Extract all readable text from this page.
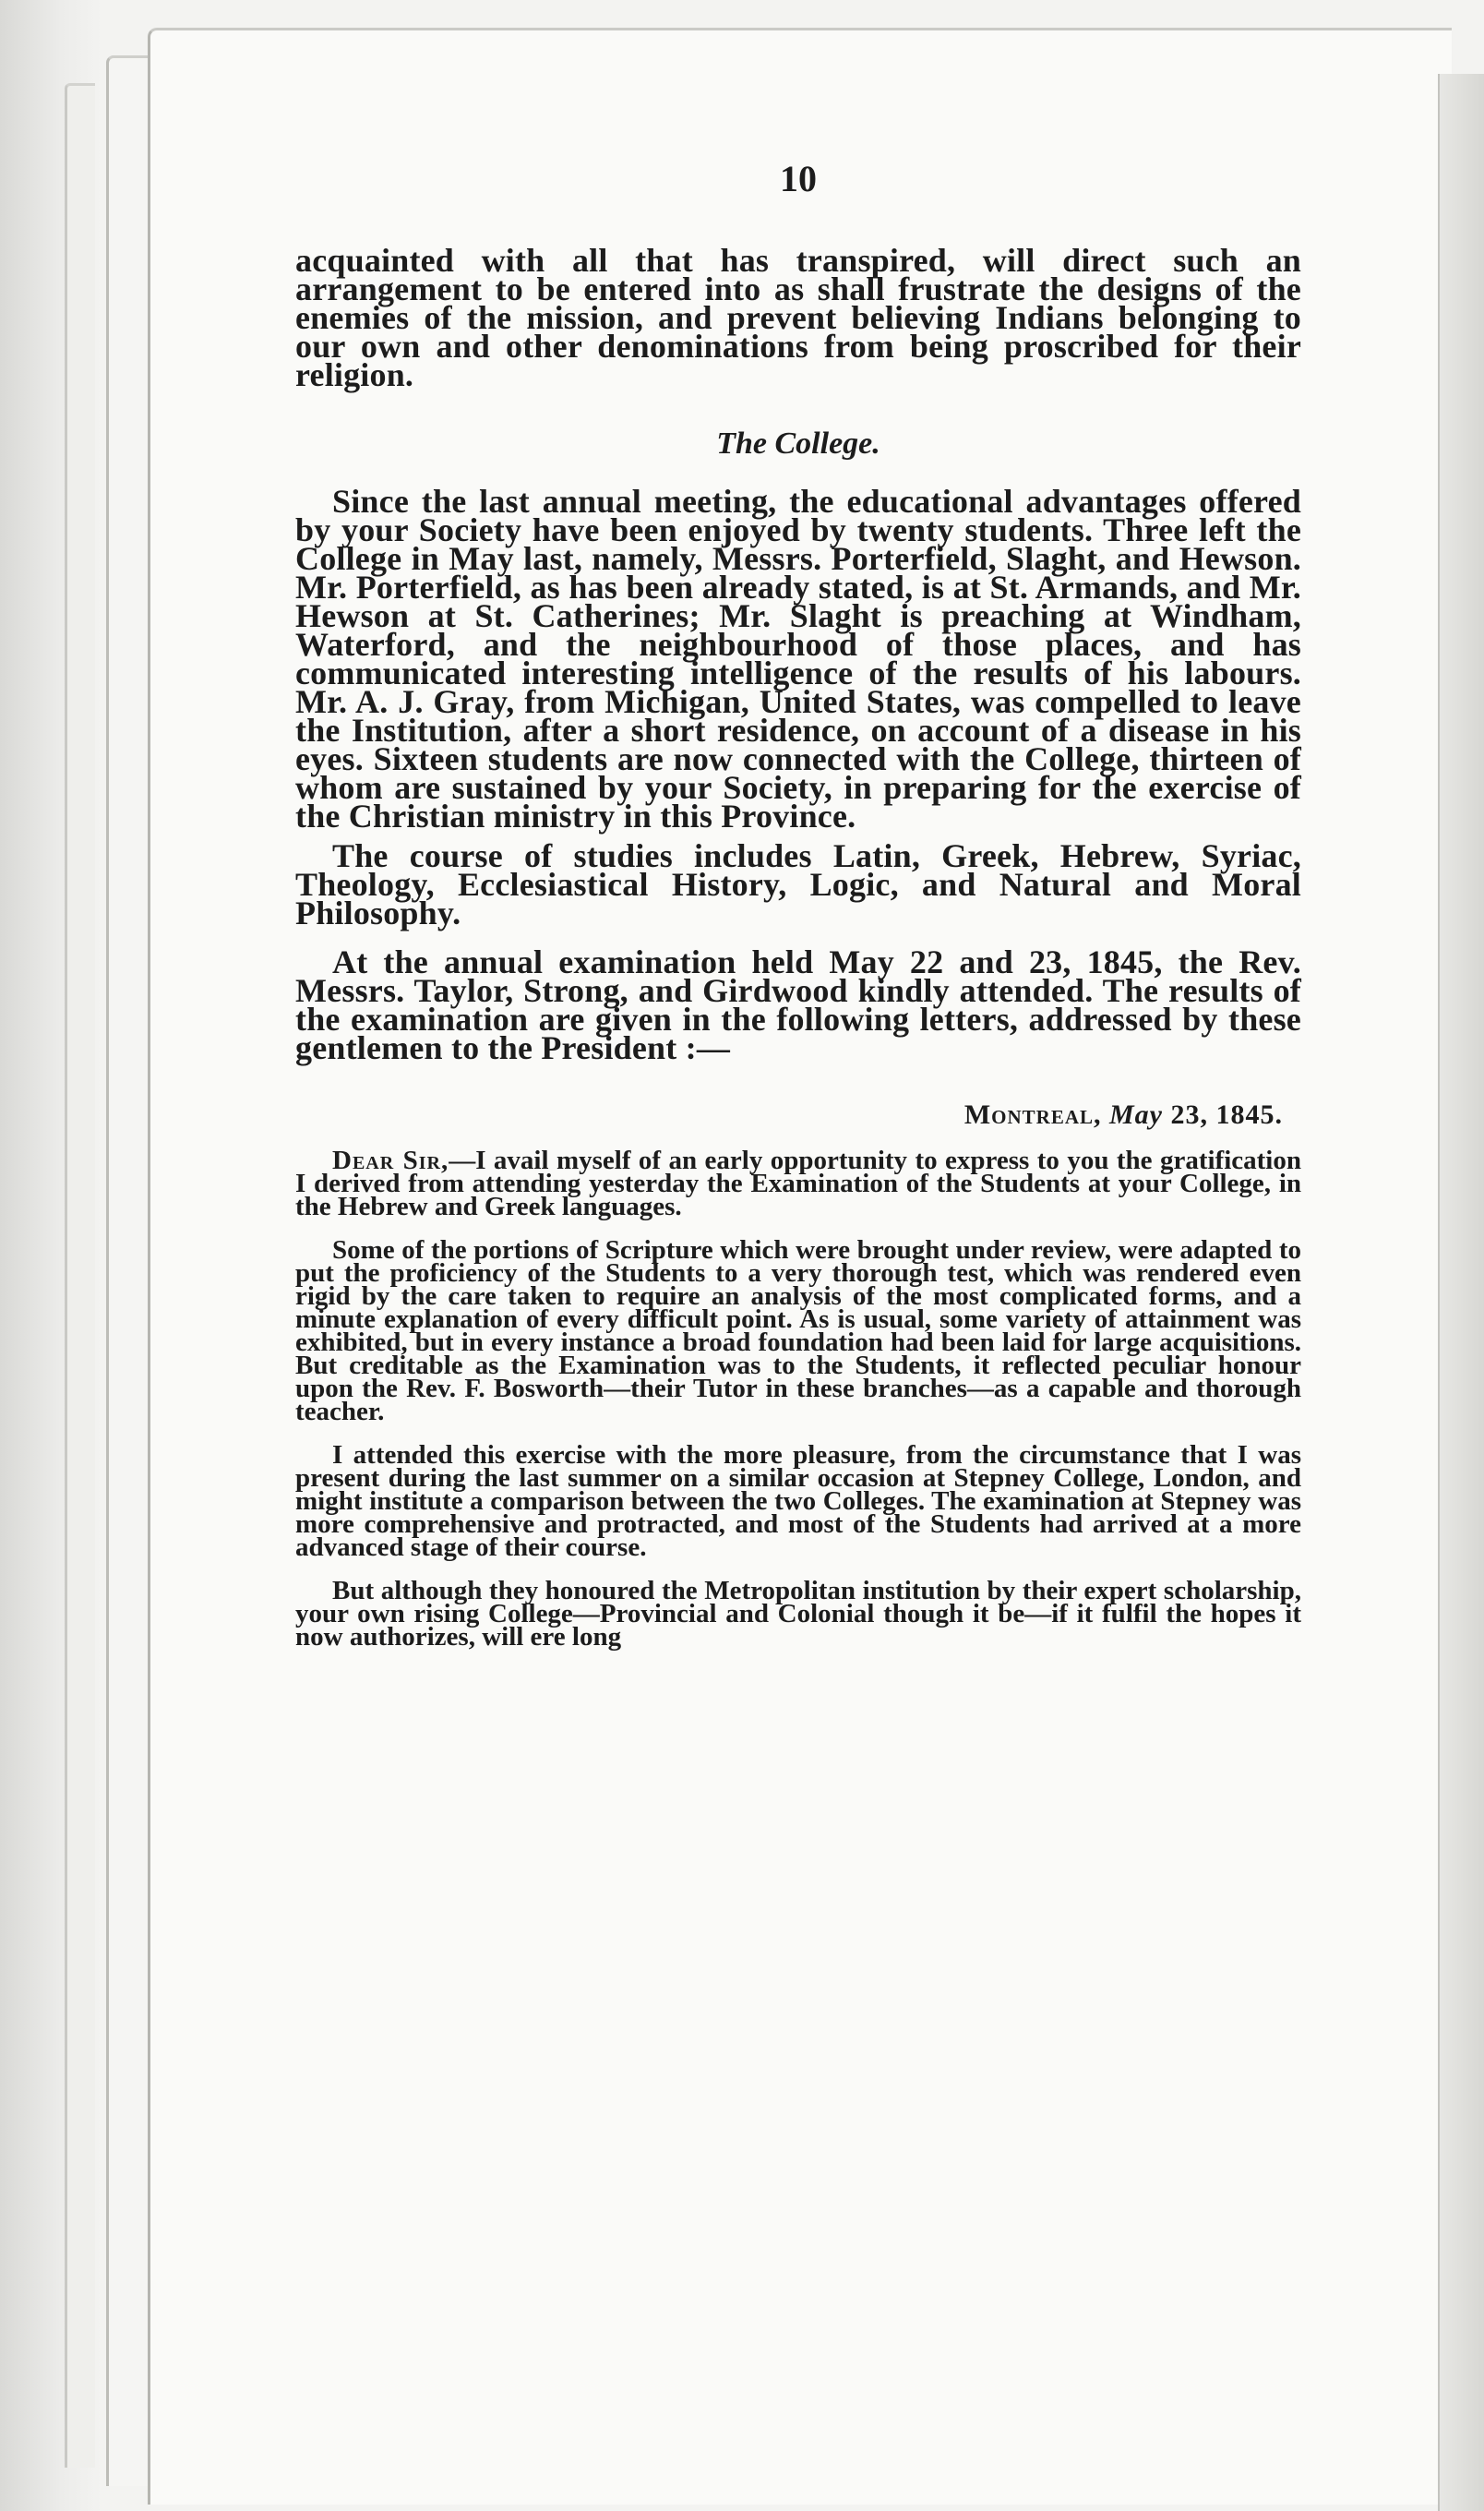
10

acquainted with all that has transpired, will direct such an arrangement to be entered into as shall frustrate the designs of the enemies of the mission, and prevent believing Indians belonging to our own and other denominations from being proscribed for their religion.

The College.

Since the last annual meeting, the educational advantages offered by your Society have been enjoyed by twenty students. Three left the College in May last, namely, Messrs. Porterfield, Slaght, and Hewson. Mr. Porterfield, as has been already stated, is at St. Armands, and Mr. Hewson at St. Catherines; Mr. Slaght is preaching at Windham, Waterford, and the neighbourhood of those places, and has communicated interesting intelligence of the results of his labours. Mr. A. J. Gray, from Michigan, United States, was compelled to leave the Institution, after a short residence, on account of a disease in his eyes. Sixteen students are now connected with the College, thirteen of whom are sustained by your Society, in preparing for the exercise of the Christian ministry in this Province.

The course of studies includes Latin, Greek, Hebrew, Syriac, Theology, Ecclesiastical History, Logic, and Natural and Moral Philosophy.

At the annual examination held May 22 and 23, 1845, the Rev. Messrs. Taylor, Strong, and Girdwood kindly attended. The results of the examination are given in the following letters, addressed by these gentlemen to the President :—

Montreal, May 23, 1845.

Dear Sir,—I avail myself of an early opportunity to express to you the gratification I derived from attending yesterday the Examination of the Students at your College, in the Hebrew and Greek languages.

Some of the portions of Scripture which were brought under review, were adapted to put the proficiency of the Students to a very thorough test, which was rendered even rigid by the care taken to require an analysis of the most complicated forms, and a minute explanation of every difficult point. As is usual, some variety of attainment was exhibited, but in every instance a broad foundation had been laid for large acquisitions. But creditable as the Examination was to the Students, it reflected peculiar honour upon the Rev. F. Bosworth—their Tutor in these branches—as a capable and thorough teacher.

I attended this exercise with the more pleasure, from the circumstance that I was present during the last summer on a similar occasion at Stepney College, London, and might institute a comparison between the two Colleges. The examination at Stepney was more comprehensive and protracted, and most of the Students had arrived at a more advanced stage of their course.

But although they honoured the Metropolitan institution by their expert scholarship, your own rising College—Provincial and Colonial though it be—if it fulfil the hopes it now authorizes, will ere long
